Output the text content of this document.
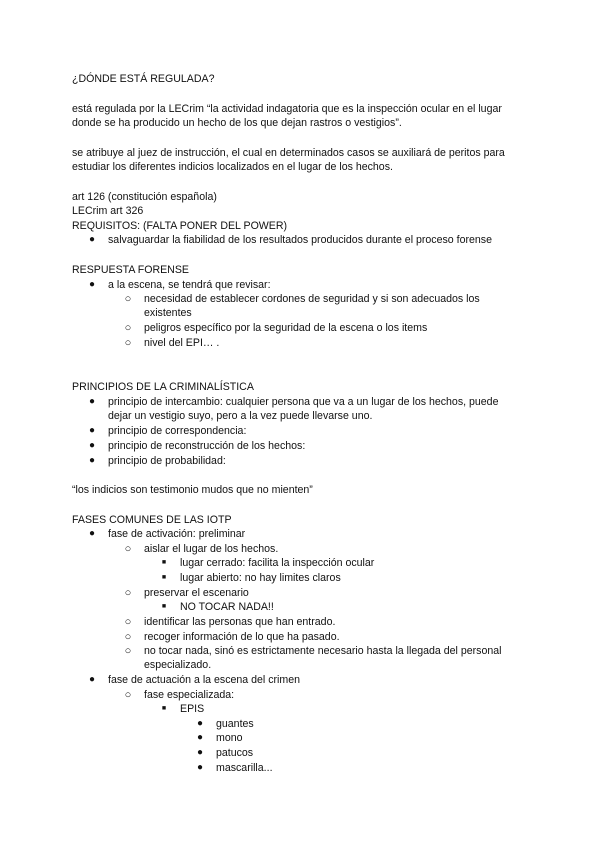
¿DÓNDE ESTÁ REGULADA?
está regulada por la LECrim “la actividad indagatoria que es la inspección ocular en el lugar
donde se ha producido un hecho de los que dejan rastros o vestigios”.
se atribuye al juez de instrucción, el cual en determinados casos se auxiliará de peritos para
estudiar los diferentes indicios localizados en el lugar de los hechos.
art 126 (constitución española)
LECrim art 326
REQUISITOS: (FALTA PONER DEL POWER)
● salvaguardar la fiabilidad de los resultados producidos durante el proceso forense
RESPUESTA FORENSE
● a la escena, se tendrá que revisar:
○ necesidad de establecer cordones de seguridad y si son adecuados los
existentes
○ peligros específico por la seguridad de la escena o los items
○ nivel del EPI… .
PRINCIPIOS DE LA CRIMINALÍSTICA
● principio de intercambio: cualquier persona que va a un lugar de los hechos, puede
dejar un vestigio suyo, pero a la vez puede llevarse uno.
● principio de correspondencia:
● principio de reconstrucción de los hechos:
● principio de probabilidad:
“los indicios son testimonio mudos que no mienten”
FASES COMUNES DE LAS IOTP
● fase de activación: preliminar
○ aislar el lugar de los hechos.
■	lugar cerrado: facilita la inspección ocular
■	lugar abierto: no hay limites claros
○ preservar el escenario
■	NO TOCAR NADA!!
○ identificar las personas que han entrado.
○ recoger información de lo que ha pasado.
○ no tocar nada, sinó es estrictamente necesario hasta la llegada del personal
especializado.
● fase de actuación a la escena del crimen
○ fase especializada:
■	EPIS
● guantes
● mono
● patucos
● mascarilla...
